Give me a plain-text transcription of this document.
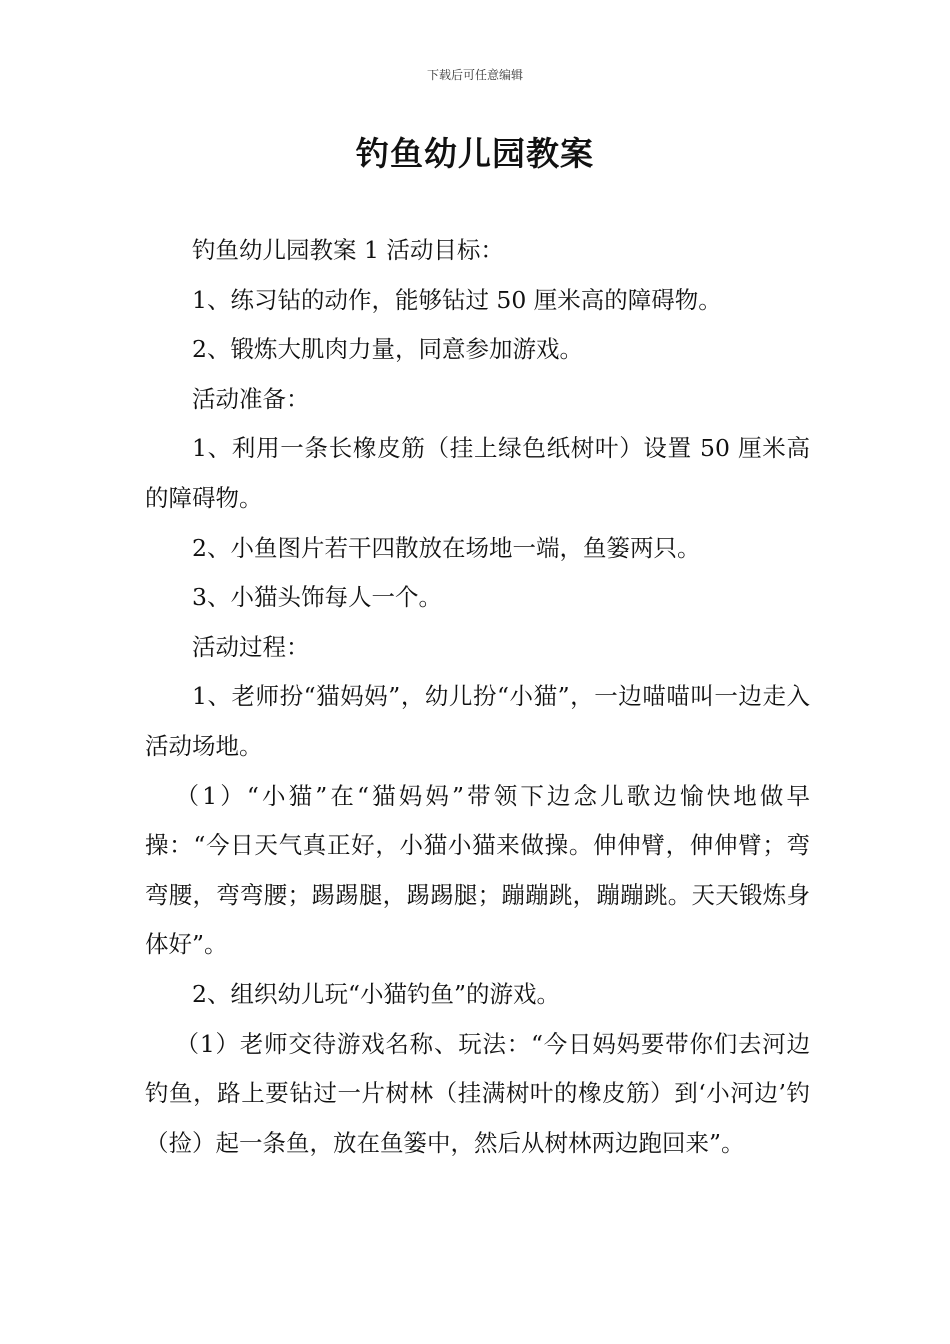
下载后可任意编辑
钓鱼幼儿园教案

钓鱼幼儿园教案 1 活动目标：

1、练习钻的动作，能够钻过 50 厘米高的障碍物。

2、锻炼大肌肉力量，同意参加游戏。

活动准备：

1、利用一条长橡皮筋（挂上绿色纸树叶）设置 50 厘米高的障碍物。

2、小鱼图片若干四散放在场地一端，鱼篓两只。

3、小猫头饰每人一个。

活动过程：

1、老师扮“猫妈妈”，幼儿扮“小猫”，一边喵喵叫一边走入活动场地。

（1）“小猫”在“猫妈妈”带领下边念儿歌边愉快地做早操：“今日天气真正好，小猫小猫来做操。伸伸臂，伸伸臂；弯弯腰，弯弯腰；踢踢腿，踢踢腿；蹦蹦跳，蹦蹦跳。天天锻炼身体好”。

2、组织幼儿玩“小猫钓鱼”的游戏。

（1）老师交待游戏名称、玩法：“今日妈妈要带你们去河边钓鱼，路上要钻过一片树林（挂满树叶的橡皮筋）到‘小河边’钓（捡）起一条鱼，放在鱼篓中，然后从树林两边跑回来”。
